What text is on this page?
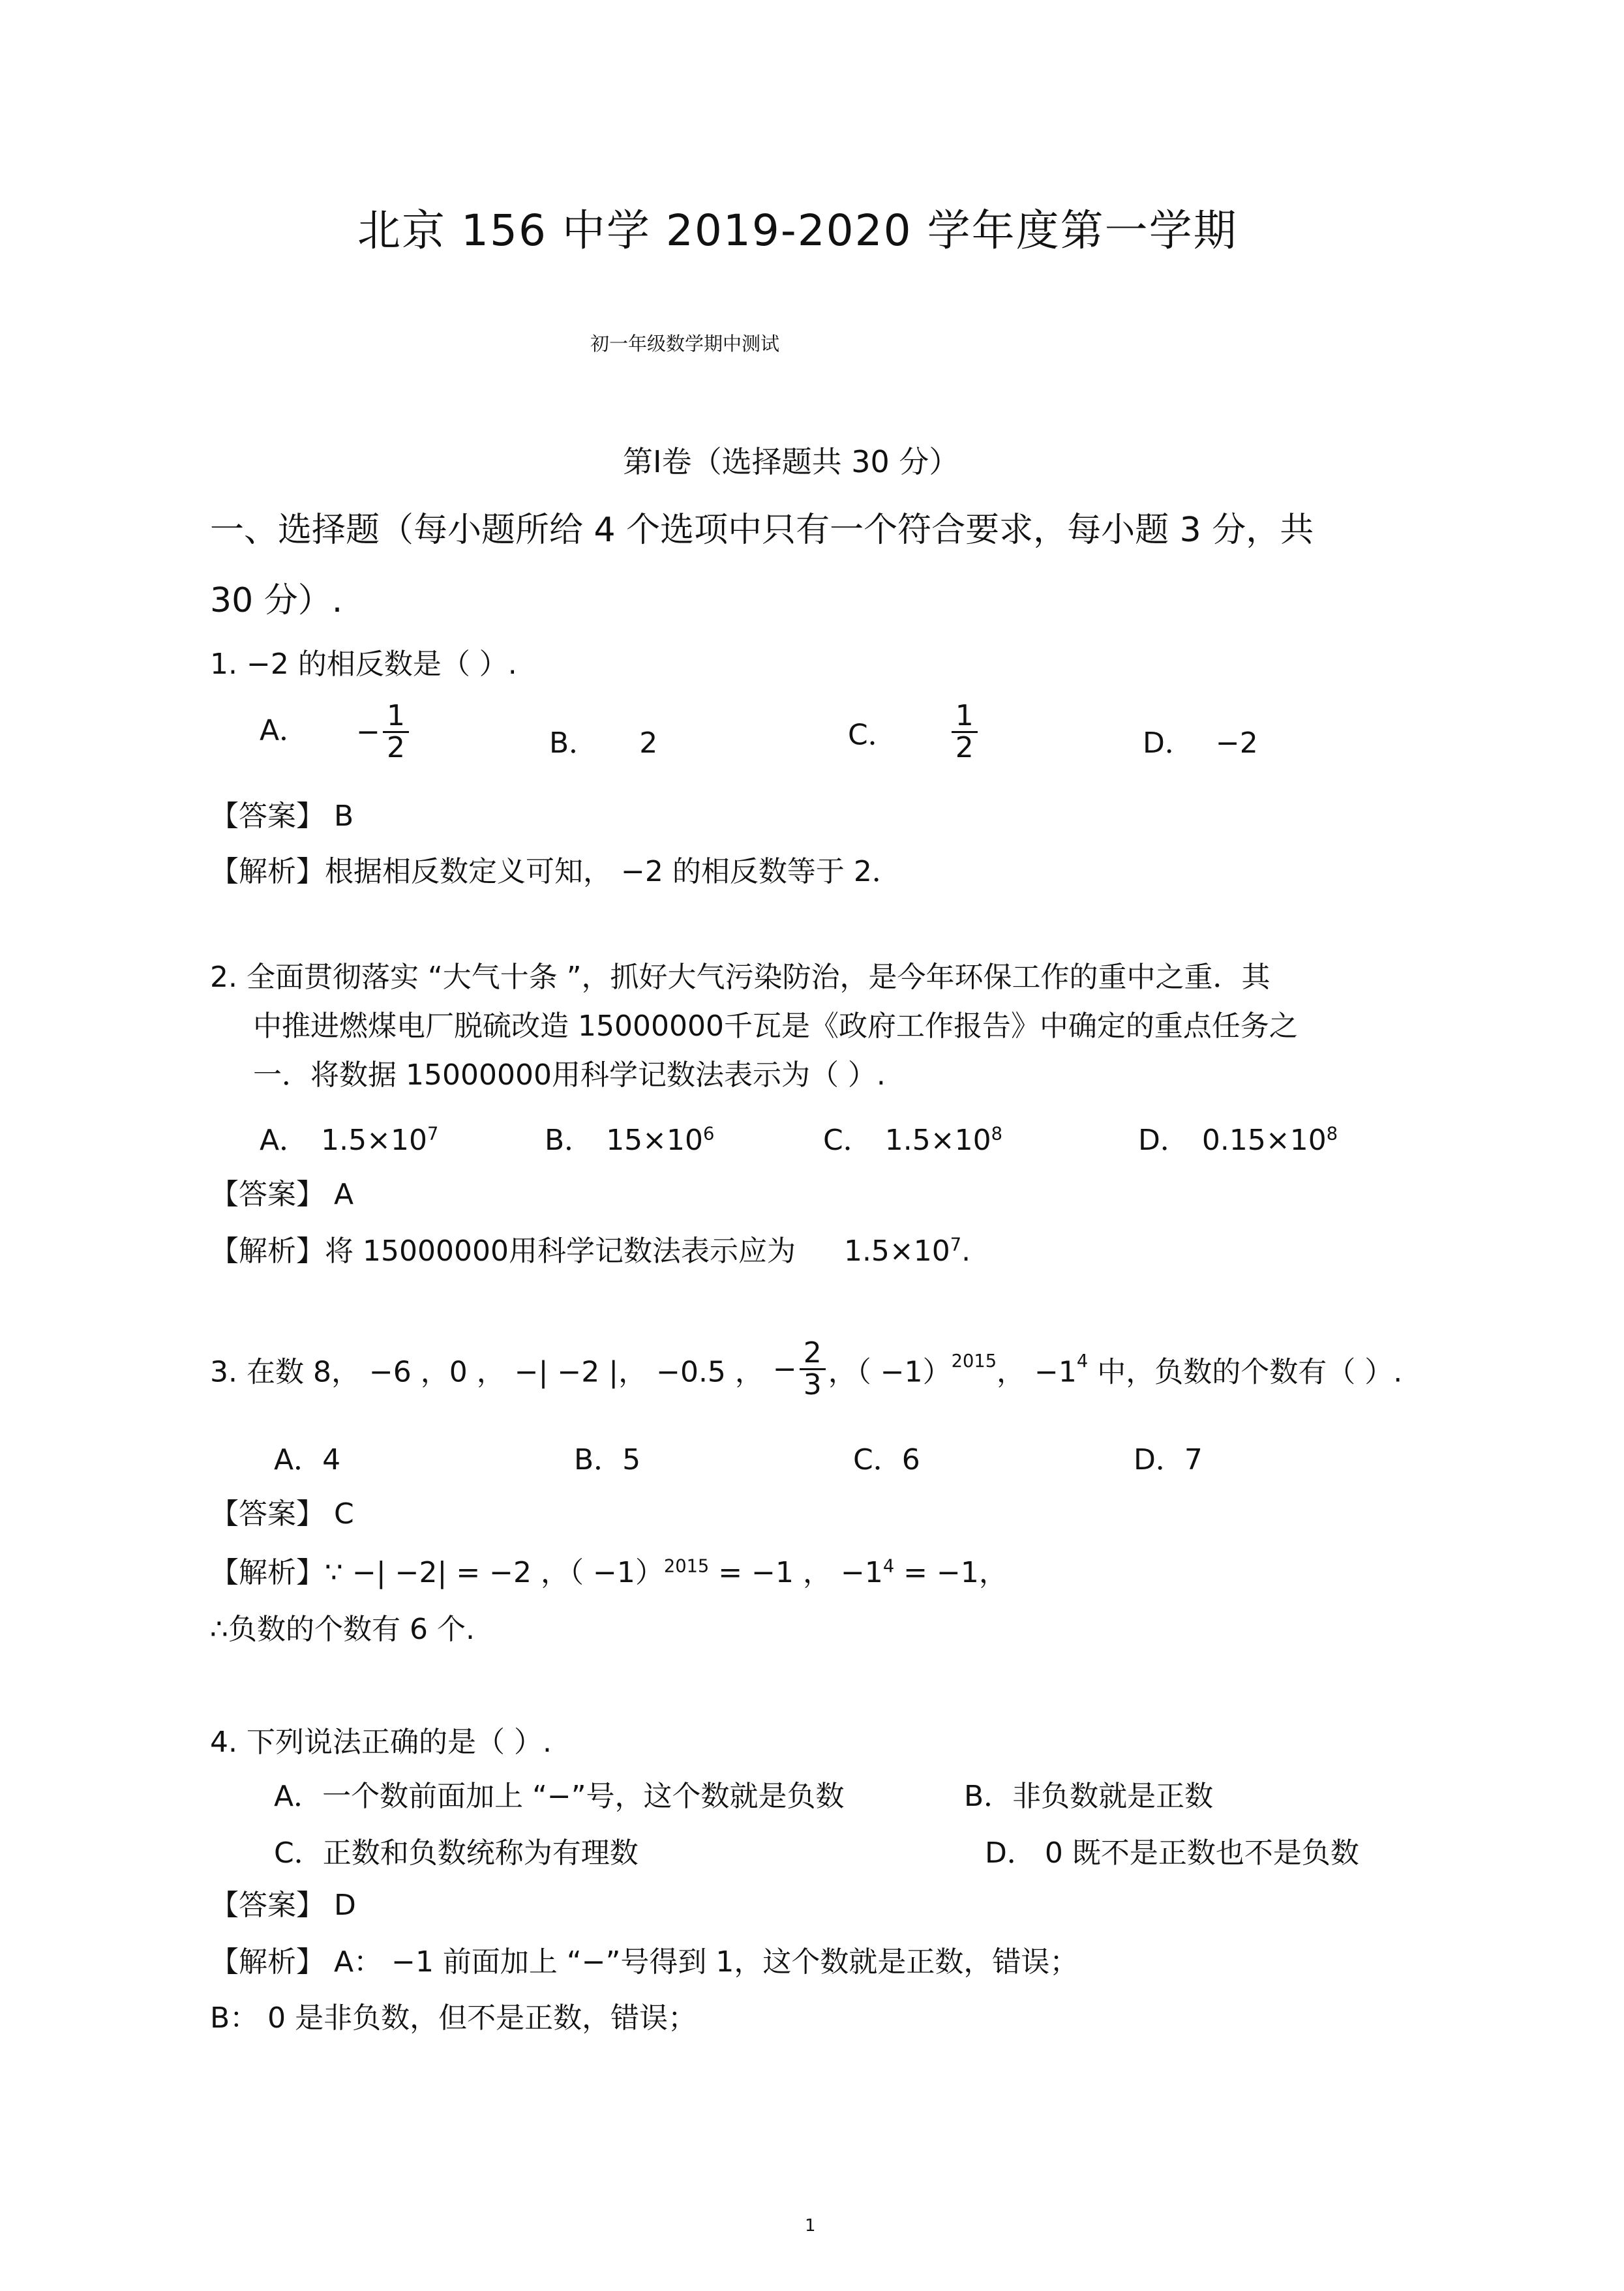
北京 156 中学 2019-2020 学年度第一学期
初一年级数学期中测试
第Ⅰ卷（选择题共 30 分）
一、选择题（每小题所给 4 个选项中只有一个符合要求，每小题 3 分，共
30 分）.
1. −2 的相反数是（ ）.
A． − $\frac{1}{2}$	B． 2	C． $\frac{1}{2}$	D． −2
【答案】 B
【解析】根据相反数定义可知， −2 的相反数等于 2．
2. 全面贯彻落实 “大气十条 ”，抓好大气污染防治，是今年环保工作的重中之重．其
中推进燃煤电厂脱硫改造 15000000千瓦是《政府工作报告》中确定的重点任务之
一．将数据 15000000用科学记数法表示为（ ）.
A． $1.5\times 10^7$	B． $15\times 10^6$	C． $1.5\times 10^8$	D． $0.15\times 10^8$
【答案】 A
【解析】将 15000000用科学记数法表示应为 $1.5\times 10^7$.
3. 在数 8， −6 ，0 ， −| −2 |， −0.5 ， − $\frac{2}{3}$ ，（ −1）$^{2015}$， $-1^4$ 中，负数的个数有（ ）.
A．4	B．5	C．6	D．7
【答案】 C
【解析】∵ −| −2| = −2 ，（ −1）$^{2015}$ = −1 ， $-1^4 = -1$，
∴负数的个数有 6 个.
4. 下列说法正确的是（ ）.
A．一个数前面加上 “−”号，这个数就是负数	B．非负数就是正数
C．正数和负数统称为有理数	D． 0 既不是正数也不是负数
【答案】 D
【解析】 A： −1 前面加上 “−”号得到 1，这个数就是正数，错误；
B： 0 是非负数，但不是正数，错误；
1
